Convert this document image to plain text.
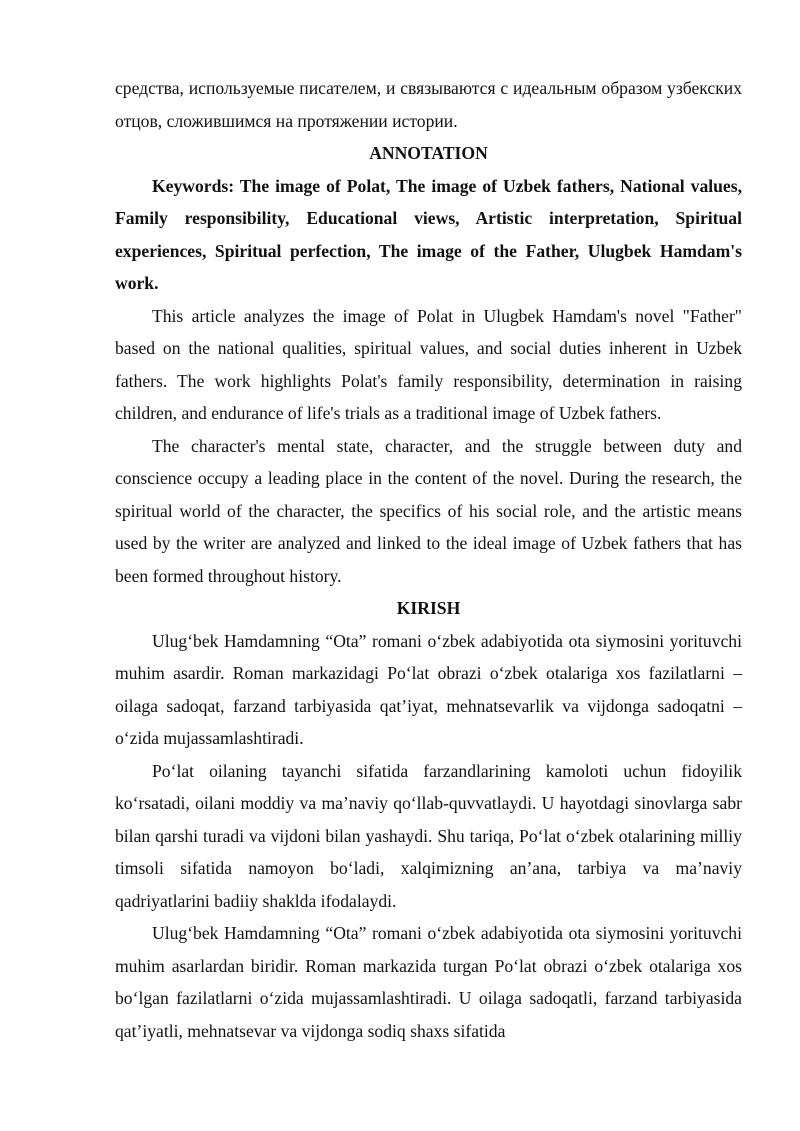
средства, используемые писателем, и связываются с идеальным образом узбекских отцов, сложившимся на протяжении истории.

ANNOTATION

Keywords: The image of Polat, The image of Uzbek fathers, National values, Family responsibility, Educational views, Artistic interpretation, Spiritual experiences, Spiritual perfection, The image of the Father, Ulugbek Hamdam's work.

This article analyzes the image of Polat in Ulugbek Hamdam's novel "Father" based on the national qualities, spiritual values, and social duties inherent in Uzbek fathers. The work highlights Polat's family responsibility, determination in raising children, and endurance of life's trials as a traditional image of Uzbek fathers.

The character's mental state, character, and the struggle between duty and conscience occupy a leading place in the content of the novel. During the research, the spiritual world of the character, the specifics of his social role, and the artistic means used by the writer are analyzed and linked to the ideal image of Uzbek fathers that has been formed throughout history.

KIRISH

Ulug‘bek Hamdamning “Ota” romani o‘zbek adabiyotida ota siymosini yorituvchi muhim asardir. Roman markazidagi Po‘lat obrazi o‘zbek otalariga xos fazilatlarni – oilaga sadoqat, farzand tarbiyasida qat’iyat, mehnatsevarlik va vijdonga sadoqatni – o‘zida mujassamlashtiradi.

Po‘lat oilaning tayanchi sifatida farzandlarining kamoloti uchun fidoyilik ko‘rsatadi, oilani moddiy va ma’naviy qo‘llab-quvvatlaydi. U hayotdagi sinovlarga sabr bilan qarshi turadi va vijdoni bilan yashaydi. Shu tariqa, Po‘lat o‘zbek otalarining milliy timsoli sifatida namoyon bo‘ladi, xalqimizning an’ana, tarbiya va ma’naviy qadriyatlarini badiiy shaklda ifodalaydi.

Ulug‘bek Hamdamning “Ota” romani o‘zbek adabiyotida ota siymosini yorituvchi muhim asarlardan biridir. Roman markazida turgan Po‘lat obrazi o‘zbek otalariga xos bo‘lgan fazilatlarni o‘zida mujassamlashtiradi. U oilaga sadoqatli, farzand tarbiyasida qat’iyatli, mehnatsevar va vijdonga sodiq shaxs sifatida
